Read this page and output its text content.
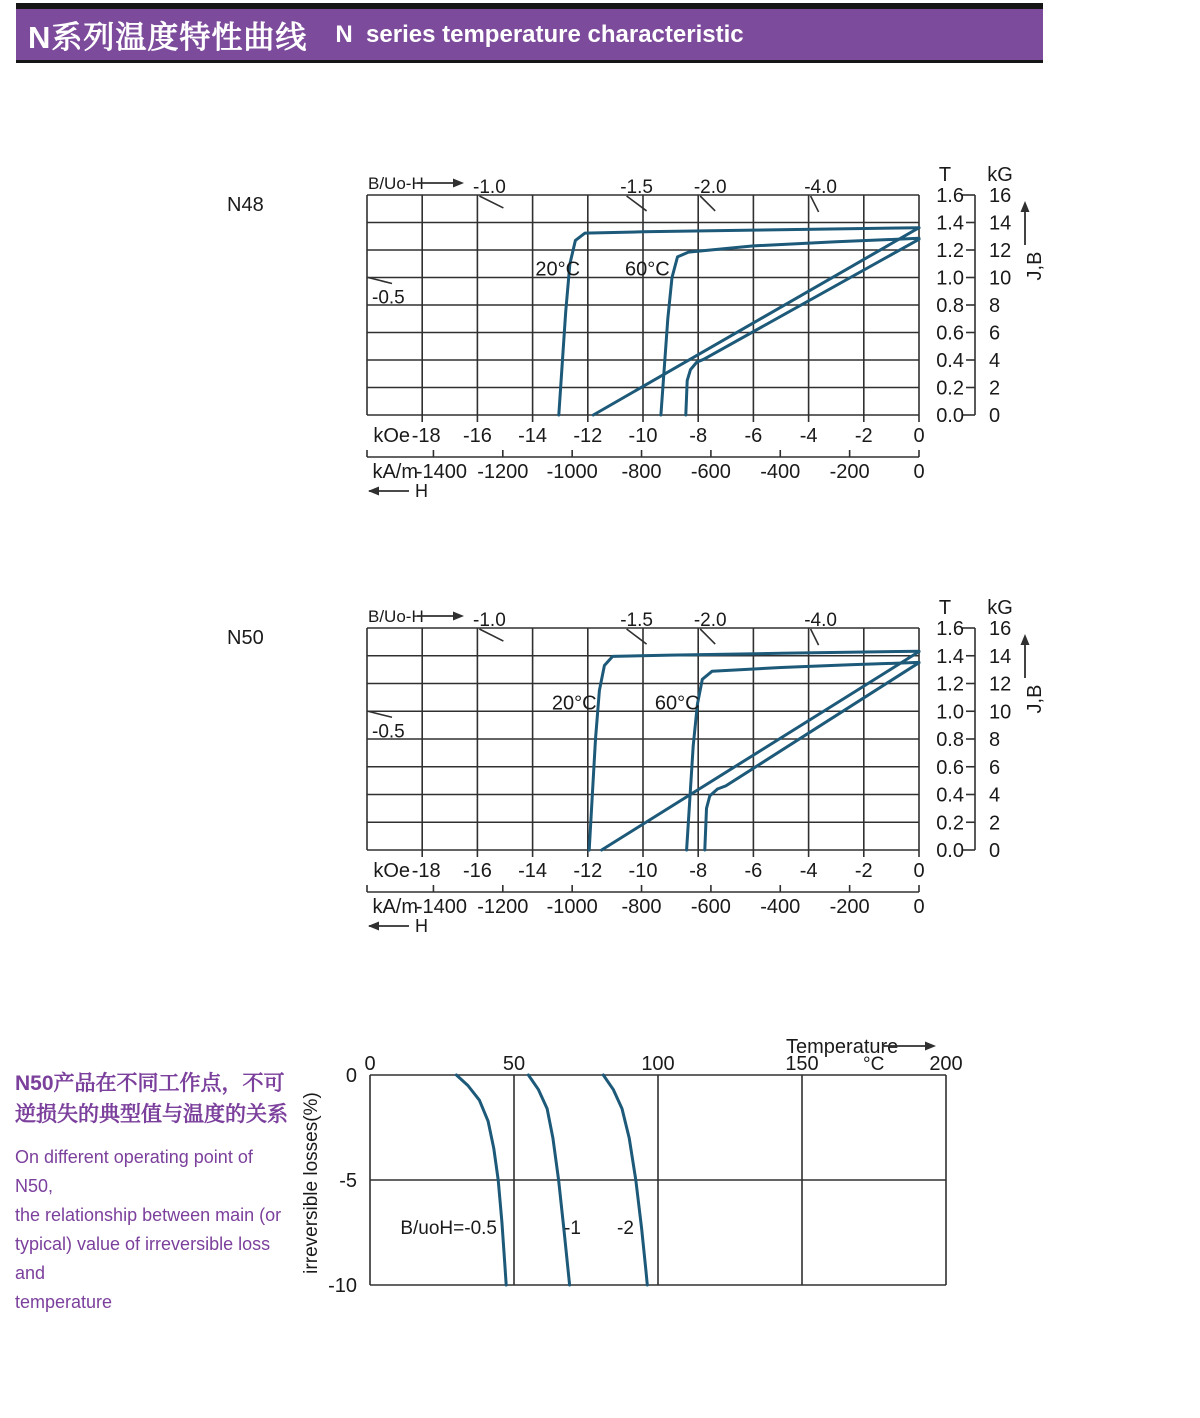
N系列温度特性曲线 N  series temperature characteristic
N50产品在不同工作点，不可
逆损失的典型值与温度的关系
On different operating point of N50,
the relationship between main (or
typical) value of irreversible loss and
temperature
-18 -16 -14 -12 -10 -8 -6 -4 -2 0
kOe
-1400 -1200 -1000 -800 -600 -400 -200 0
kA/m
H
T kG
1.6
1.4
1.2
1.0
0.8
0.6
0.4
0.2
0.0
16
14
12
10
8
6
4
2
0
J,B
-1.0	-1.5 -2.0	-4.0
-0.5
B/Uo-H
N48
20°C 60°C
-18 -16 -14 -12 -10 -8 -6 -4 -2 0
kOe
-1400 -1200 -1000 -800 -600 -400 -200 0
kA/m
H
T kG
1.6
1.4
1.2
1.0
0.8
0.6
0.4
0.2
0.0
16
14
12
10
8
6
4
2
0
J,B
-1.0	-1.5 -2.0	-4.0
-0.5
B/Uo-H
N50
20°C	60°C
0	50	100	150	200
°C
0
-5
-10
Temperature
irreversible losses(%)	B/uoH=-0.5	-1 -2
